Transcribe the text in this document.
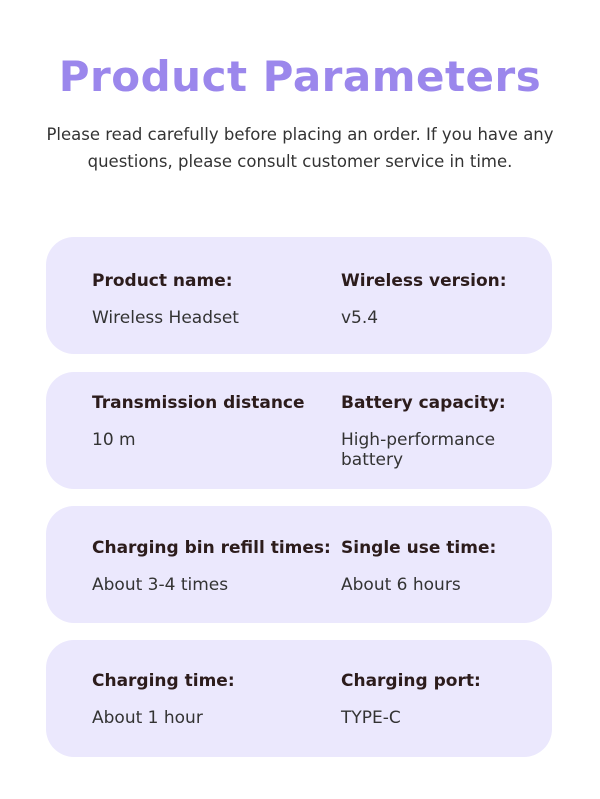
Product Parameters
Please read carefully before placing an order. If you have any questions, please consult customer service in time.
Product name:
Wireless Headset
Wireless version:
v5.4
Transmission distance
10 m
Battery capacity:
High-performance battery
Charging bin refill times:
About 3-4 times
Single use time:
About 6 hours
Charging time:
About 1 hour
Charging port:
TYPE-C
